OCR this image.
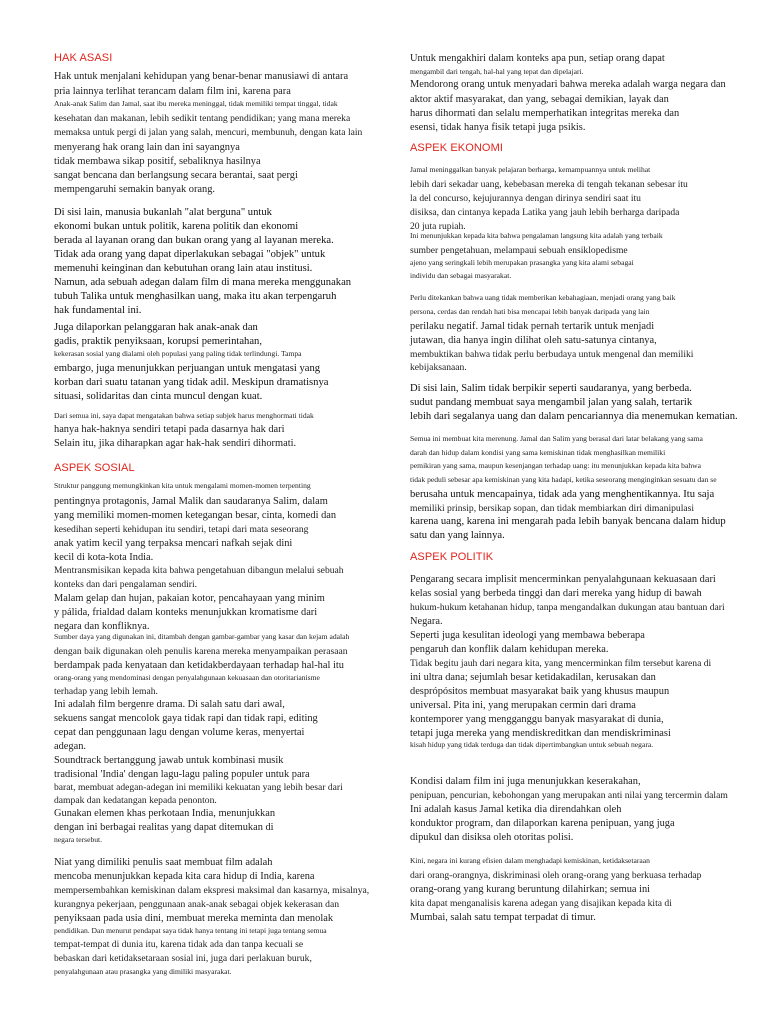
HAK ASASI
Hak untuk menjalani kehidupan yang benar-benar manusiawi di antara
pria lainnya terlihat terancam dalam film ini, karena para
Anak-anak Salim dan Jamal, saat ibu mereka meninggal, tidak memiliki tempat tinggal, tidak
kesehatan dan makanan, lebih sedikit tentang pendidikan; yang mana mereka
memaksa untuk pergi di jalan yang salah, mencuri, membunuh, dengan kata lain
menyerang hak orang lain dan ini sayangnya
tidak membawa sikap positif, sebaliknya hasilnya
sangat bencana dan berlangsung secara berantai, saat pergi
mempengaruhi semakin banyak orang.
Di sisi lain, manusia bukanlah "alat berguna" untuk
ekonomi bukan untuk politik, karena politik dan ekonomi
berada al layanan orang dan bukan orang yang al layanan mereka.
Tidak ada orang yang dapat diperlakukan sebagai "objek" untuk
memenuhi keinginan dan kebutuhan orang lain atau institusi.
Namun, ada sebuah adegan dalam film di mana mereka menggunakan
tubuh Talika untuk menghasilkan uang, maka itu akan terpengaruh
hak fundamental ini.
Juga dilaporkan pelanggaran hak anak-anak dan
gadis, praktik penyiksaan, korupsi pemerintahan,
kekerasan sosial yang dialami oleh populasi yang paling tidak terlindungi. Tampa
embargo, juga menunjukkan perjuangan untuk mengatasi yang
korban dari suatu tatanan yang tidak adil. Meskipun dramatisnya
situasi, solidaritas dan cinta muncul dengan kuat.
Dari semua ini, saya dapat mengatakan bahwa setiap subjek harus menghormati tidak
hanya hak-haknya sendiri tetapi pada dasarnya hak dari
Selain itu, jika diharapkan agar hak-hak sendiri dihormati.
ASPEK SOSIAL
Struktur panggung memungkinkan kita untuk mengalami momen-momen terpenting
pentingnya protagonis, Jamal Malik dan saudaranya Salim, dalam
yang memiliki momen-momen ketegangan besar, cinta, komedi dan
kesedihan seperti kehidupan itu sendiri, tetapi dari mata seseorang
anak yatim kecil yang terpaksa mencari nafkah sejak dini
kecil di kota-kota India.
Mentransmisikan kepada kita bahwa pengetahuan dibangun melalui sebuah
konteks dan dari pengalaman sendiri.
Malam gelap dan hujan, pakaian kotor, pencahayaan yang minim
y pálida, frialdad dalam konteks menunjukkan kromatisme dari
negara dan konfliknya.
Sumber daya yang digunakan ini, ditambah dengan gambar-gambar yang kasar dan kejam adalah
dengan baik digunakan oleh penulis karena mereka menyampaikan perasaan
berdampak pada kenyataan dan ketidakberdayaan terhadap hal-hal itu
orang-orang yang mendominasi dengan penyalahgunaan kekuasaan dan otoritarianisme
terhadap yang lebih lemah.
Ini adalah film bergenre drama. Di salah satu dari awal,
sekuens sangat mencolok gaya tidak rapi dan tidak rapi, editing
cepat dan penggunaan lagu dengan volume keras, menyertai
adegan.
Soundtrack bertanggung jawab untuk kombinasi musik
tradisional 'India' dengan lagu-lagu paling populer untuk para
barat, membuat adegan-adegan ini memiliki kekuatan yang lebih besar dari
dampak dan kedatangan kepada penonton.
Gunakan elemen khas perkotaan India, menunjukkan
dengan ini berbagai realitas yang dapat ditemukan di
negara tersebut.
Niat yang dimiliki penulis saat membuat film adalah
mencoba menunjukkan kepada kita cara hidup di India, karena
mempersembahkan kemiskinan dalam ekspresi maksimal dan kasarnya, misalnya,
kurangnya pekerjaan, penggunaan anak-anak sebagai objek kekerasan dan
penyiksaan pada usia dini, membuat mereka meminta dan menolak
pendidikan. Dan menurut pendapat saya tidak hanya tentang ini tetapi juga tentang semua
tempat-tempat di dunia itu, karena tidak ada dan tanpa kecuali se
bebaskan dari ketidaksetaraan sosial ini, juga dari perlakuan buruk,
penyalahgunaan atau prasangka yang dimiliki masyarakat.
Untuk mengakhiri dalam konteks apa pun, setiap orang dapat
mengambil dari tengah, hal-hal yang tepat dan dipelajari.
Mendorong orang untuk menyadari bahwa mereka adalah warga negara dan
aktor aktif masyarakat, dan yang, sebagai demikian, layak dan
harus dihormati dan selalu memperhatikan integritas mereka dan
esensi, tidak hanya fisik tetapi juga psikis.
ASPEK EKONOMI
Jamal meninggalkan banyak pelajaran berharga, kemampuannya untuk melihat
lebih dari sekadar uang, kebebasan mereka di tengah tekanan sebesar itu
la del concurso, kejujurannya dengan dirinya sendiri saat itu
disiksa, dan cintanya kepada Latika yang jauh lebih berharga daripada
20 juta rupiah.
Ini menunjukkan kepada kita bahwa pengalaman langsung kita adalah yang terbaik
sumber pengetahuan, melampaui sebuah ensiklopedisme
ajeno yang seringkali lebih merupakan prasangka yang kita alami sebagai
individu dan sebagai masyarakat.
Perlu ditekankan bahwa uang tidak memberikan kebahagiaan, menjadi orang yang baik
persona, cerdas dan rendah hati bisa mencapai lebih banyak daripada yang lain
perilaku negatif. Jamal tidak pernah tertarik untuk menjadi
jutawan, dia hanya ingin dilihat oleh satu-satunya cintanya,
membuktikan bahwa tidak perlu berbudaya untuk mengenal dan memiliki
kebijaksanaan.
Di sisi lain, Salim tidak berpikir seperti saudaranya, yang berbeda.
sudut pandang membuat saya mengambil jalan yang salah, tertarik
lebih dari segalanya uang dan dalam pencariannya dia menemukan kematian.
Semua ini membuat kita merenung. Jamal dan Salim yang berasal dari latar belakang yang sama
darah dan hidup dalam kondisi yang sama kemiskinan tidak menghasilkan memiliki
pemikiran yang sama, maupun kesenjangan terhadap uang: itu menunjukkan kepada kita bahwa
tidak peduli sebesar apa kemiskinan yang kita hadapi, ketika seseorang menginginkan sesuatu dan se
berusaha untuk mencapainya, tidak ada yang menghentikannya. Itu saja
memiliki prinsip, bersikap sopan, dan tidak membiarkan diri dimanipulasi
karena uang, karena ini mengarah pada lebih banyak bencana dalam hidup
satu dan yang lainnya.
ASPEK POLITIK
Pengarang secara implisit mencerminkan penyalahgunaan kekuasaan dari
kelas sosial yang berbeda tinggi dan dari mereka yang hidup di bawah
hukum-hukum ketahanan hidup, tanpa mengandalkan dukungan atau bantuan dari
Negara.
Seperti juga kesulitan ideologi yang membawa beberapa
pengaruh dan konflik dalam kehidupan mereka.
Tidak begitu jauh dari negara kita, yang mencerminkan film tersebut karena di
ini ultra dana; sejumlah besar ketidakadilan, kerusakan dan
desprópósitos membuat masyarakat baik yang khusus maupun
universal. Pita ini, yang merupakan cermin dari drama
kontemporer yang mengganggu banyak masyarakat di dunia,
tetapi juga mereka yang mendiskreditkan dan mendiskriminasi
kisah hidup yang tidak terduga dan tidak dipertimbangkan untuk sebuah negara.
Kondisi dalam film ini juga menunjukkan keserakahan,
penipuan, pencurian, kebohongan yang merupakan anti nilai yang tercermin dalam
Ini adalah kasus Jamal ketika dia direndahkan oleh
konduktor program, dan dilaporkan karena penipuan, yang juga
dipukul dan disiksa oleh otoritas polisi.
Kini, negara ini kurang efisien dalam menghadapi kemiskinan, ketidaksetaraan
dari orang-orangnya, diskriminasi oleh orang-orang yang berkuasa terhadap
orang-orang yang kurang beruntung dilahirkan; semua ini
kita dapat menganalisis karena adegan yang disajikan kepada kita di
Mumbai, salah satu tempat terpadat di timur.
